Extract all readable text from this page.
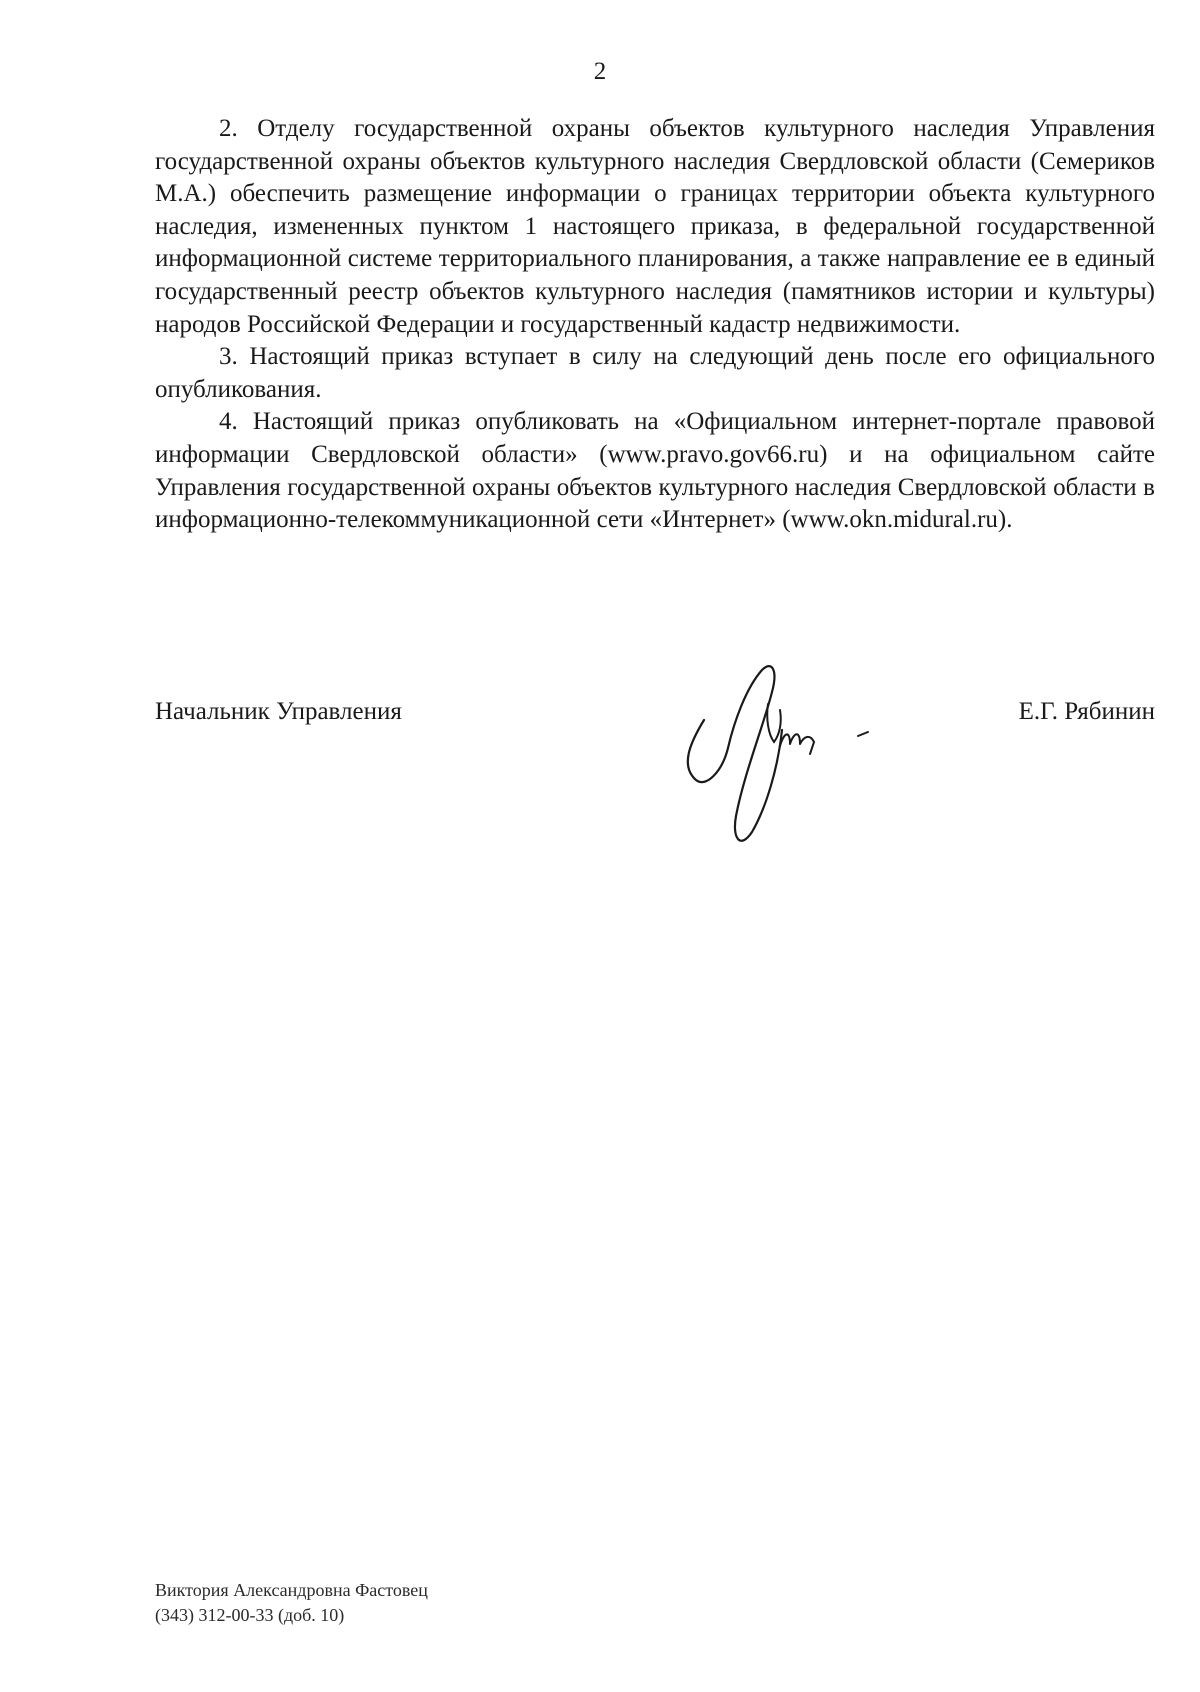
2

2. Отделу государственной охраны объектов культурного наследия Управления государственной охраны объектов культурного наследия Свердловской области (Семериков М.А.) обеспечить размещение информации о границах территории объекта культурного наследия, измененных пунктом 1 настоящего приказа, в федеральной государственной информационной системе территориального планирования, а также направление ее в единый государственный реестр объектов культурного наследия (памятников истории и культуры) народов Российской Федерации и государственный кадастр недвижимости.

3. Настоящий приказ вступает в силу на следующий день после его официального опубликования.

4. Настоящий приказ опубликовать на «Официальном интернет-портале правовой информации Свердловской области» (www.pravo.gov66.ru) и на официальном сайте Управления государственной охраны объектов культурного наследия Свердловской области в информационно-телекоммуникационной сети «Интернет» (www.okn.midural.ru).

Начальник Управления	Е.Г. Рябинин
Виктория Александровна Фастовец
(343) 312-00-33 (доб. 10)
